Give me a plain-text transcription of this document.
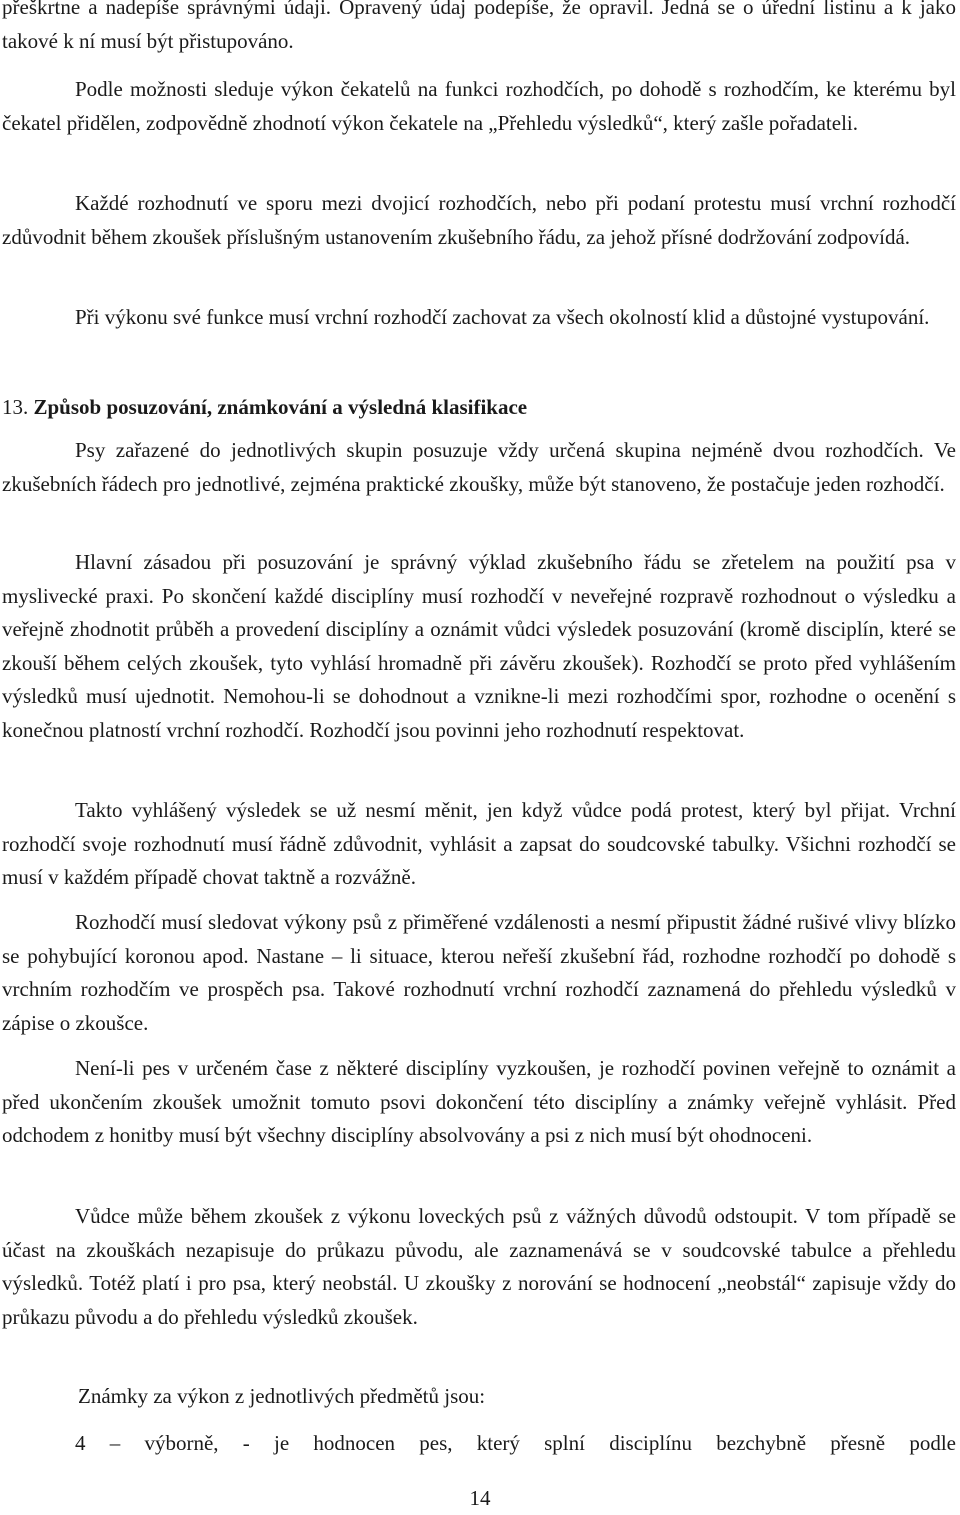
přeškrtne a nadepíše správnými údaji. Opravený údaj podepíše, že opravil. Jedná se o úřední listinu a k jako takové k ní musí být přistupováno.

Podle možnosti sleduje výkon čekatelů na funkci rozhodčích, po dohodě s rozhodčím, ke kterému byl čekatel přidělen, zodpovědně zhodnotí výkon čekatele na „Přehledu výsledků“, který zašle pořadateli.

Každé rozhodnutí ve sporu mezi dvojicí rozhodčích, nebo při podaní protestu musí vrchní rozhodčí zdůvodnit během zkoušek příslušným ustanovením zkušebního řádu, za jehož přísné dodržování zodpovídá.

Při výkonu své funkce musí vrchní rozhodčí zachovat za všech okolností klid a důstojné vystupování.

13. Způsob posuzování, známkování a výsledná klasifikace

Psy zařazené do jednotlivých skupin posuzuje vždy určená skupina nejméně dvou rozhodčích. Ve zkušebních řádech pro jednotlivé, zejména praktické zkoušky, může být stanoveno, že postačuje jeden rozhodčí.

Hlavní zásadou při posuzování je správný výklad zkušebního řádu se zřetelem na použití psa v myslivecké praxi. Po skončení každé disciplíny musí rozhodčí v neveřejné rozpravě rozhodnout o výsledku a veřejně zhodnotit průběh a provedení disciplíny a oznámit vůdci výsledek posuzování (kromě disciplín, které se zkouší během celých zkoušek, tyto vyhlásí hromadně při závěru zkoušek). Rozhodčí se proto před vyhlášením výsledků musí ujednotit. Nemohou-li se dohodnout a vznikne-li mezi rozhodčími spor, rozhodne o ocenění s konečnou platností vrchní rozhodčí. Rozhodčí jsou povinni jeho rozhodnutí respektovat.

Takto vyhlášený výsledek se už nesmí měnit, jen když vůdce podá protest, který byl přijat. Vrchní rozhodčí svoje rozhodnutí musí řádně zdůvodnit, vyhlásit a zapsat do soudcovské tabulky. Všichni rozhodčí se musí v každém případě chovat taktně a rozvážně.

Rozhodčí musí sledovat výkony psů z přiměřené vzdálenosti a nesmí připustit žádné rušivé vlivy blízko se pohybující koronou apod. Nastane – li situace, kterou neřeší zkušební řád, rozhodne rozhodčí po dohodě s vrchním rozhodčím ve prospěch psa. Takové rozhodnutí vrchní rozhodčí zaznamená do přehledu výsledků v zápise o zkoušce.

Není-li pes v určeném čase z některé disciplíny vyzkoušen, je rozhodčí povinen veřejně to oznámit a před ukončením zkoušek umožnit tomuto psovi dokončení této disciplíny a známky veřejně vyhlásit. Před odchodem z honitby musí být všechny disciplíny absolvovány a psi z nich musí být ohodnoceni.

Vůdce může během zkoušek z výkonu loveckých psů z vážných důvodů odstoupit. V tom případě se účast na zkouškách nezapisuje do průkazu původu, ale zaznamenává se v soudcovské tabulce a přehledu výsledků. Totéž platí i pro psa, který neobstál. U zkoušky z norování se hodnocení „neobstál“ zapisuje vždy do průkazu původu a do přehledu výsledků zkoušek.

Známky za výkon z jednotlivých předmětů jsou:

4 – výborně, - je hodnocen pes, který splní disciplínu bezchybně přesně podle

14
